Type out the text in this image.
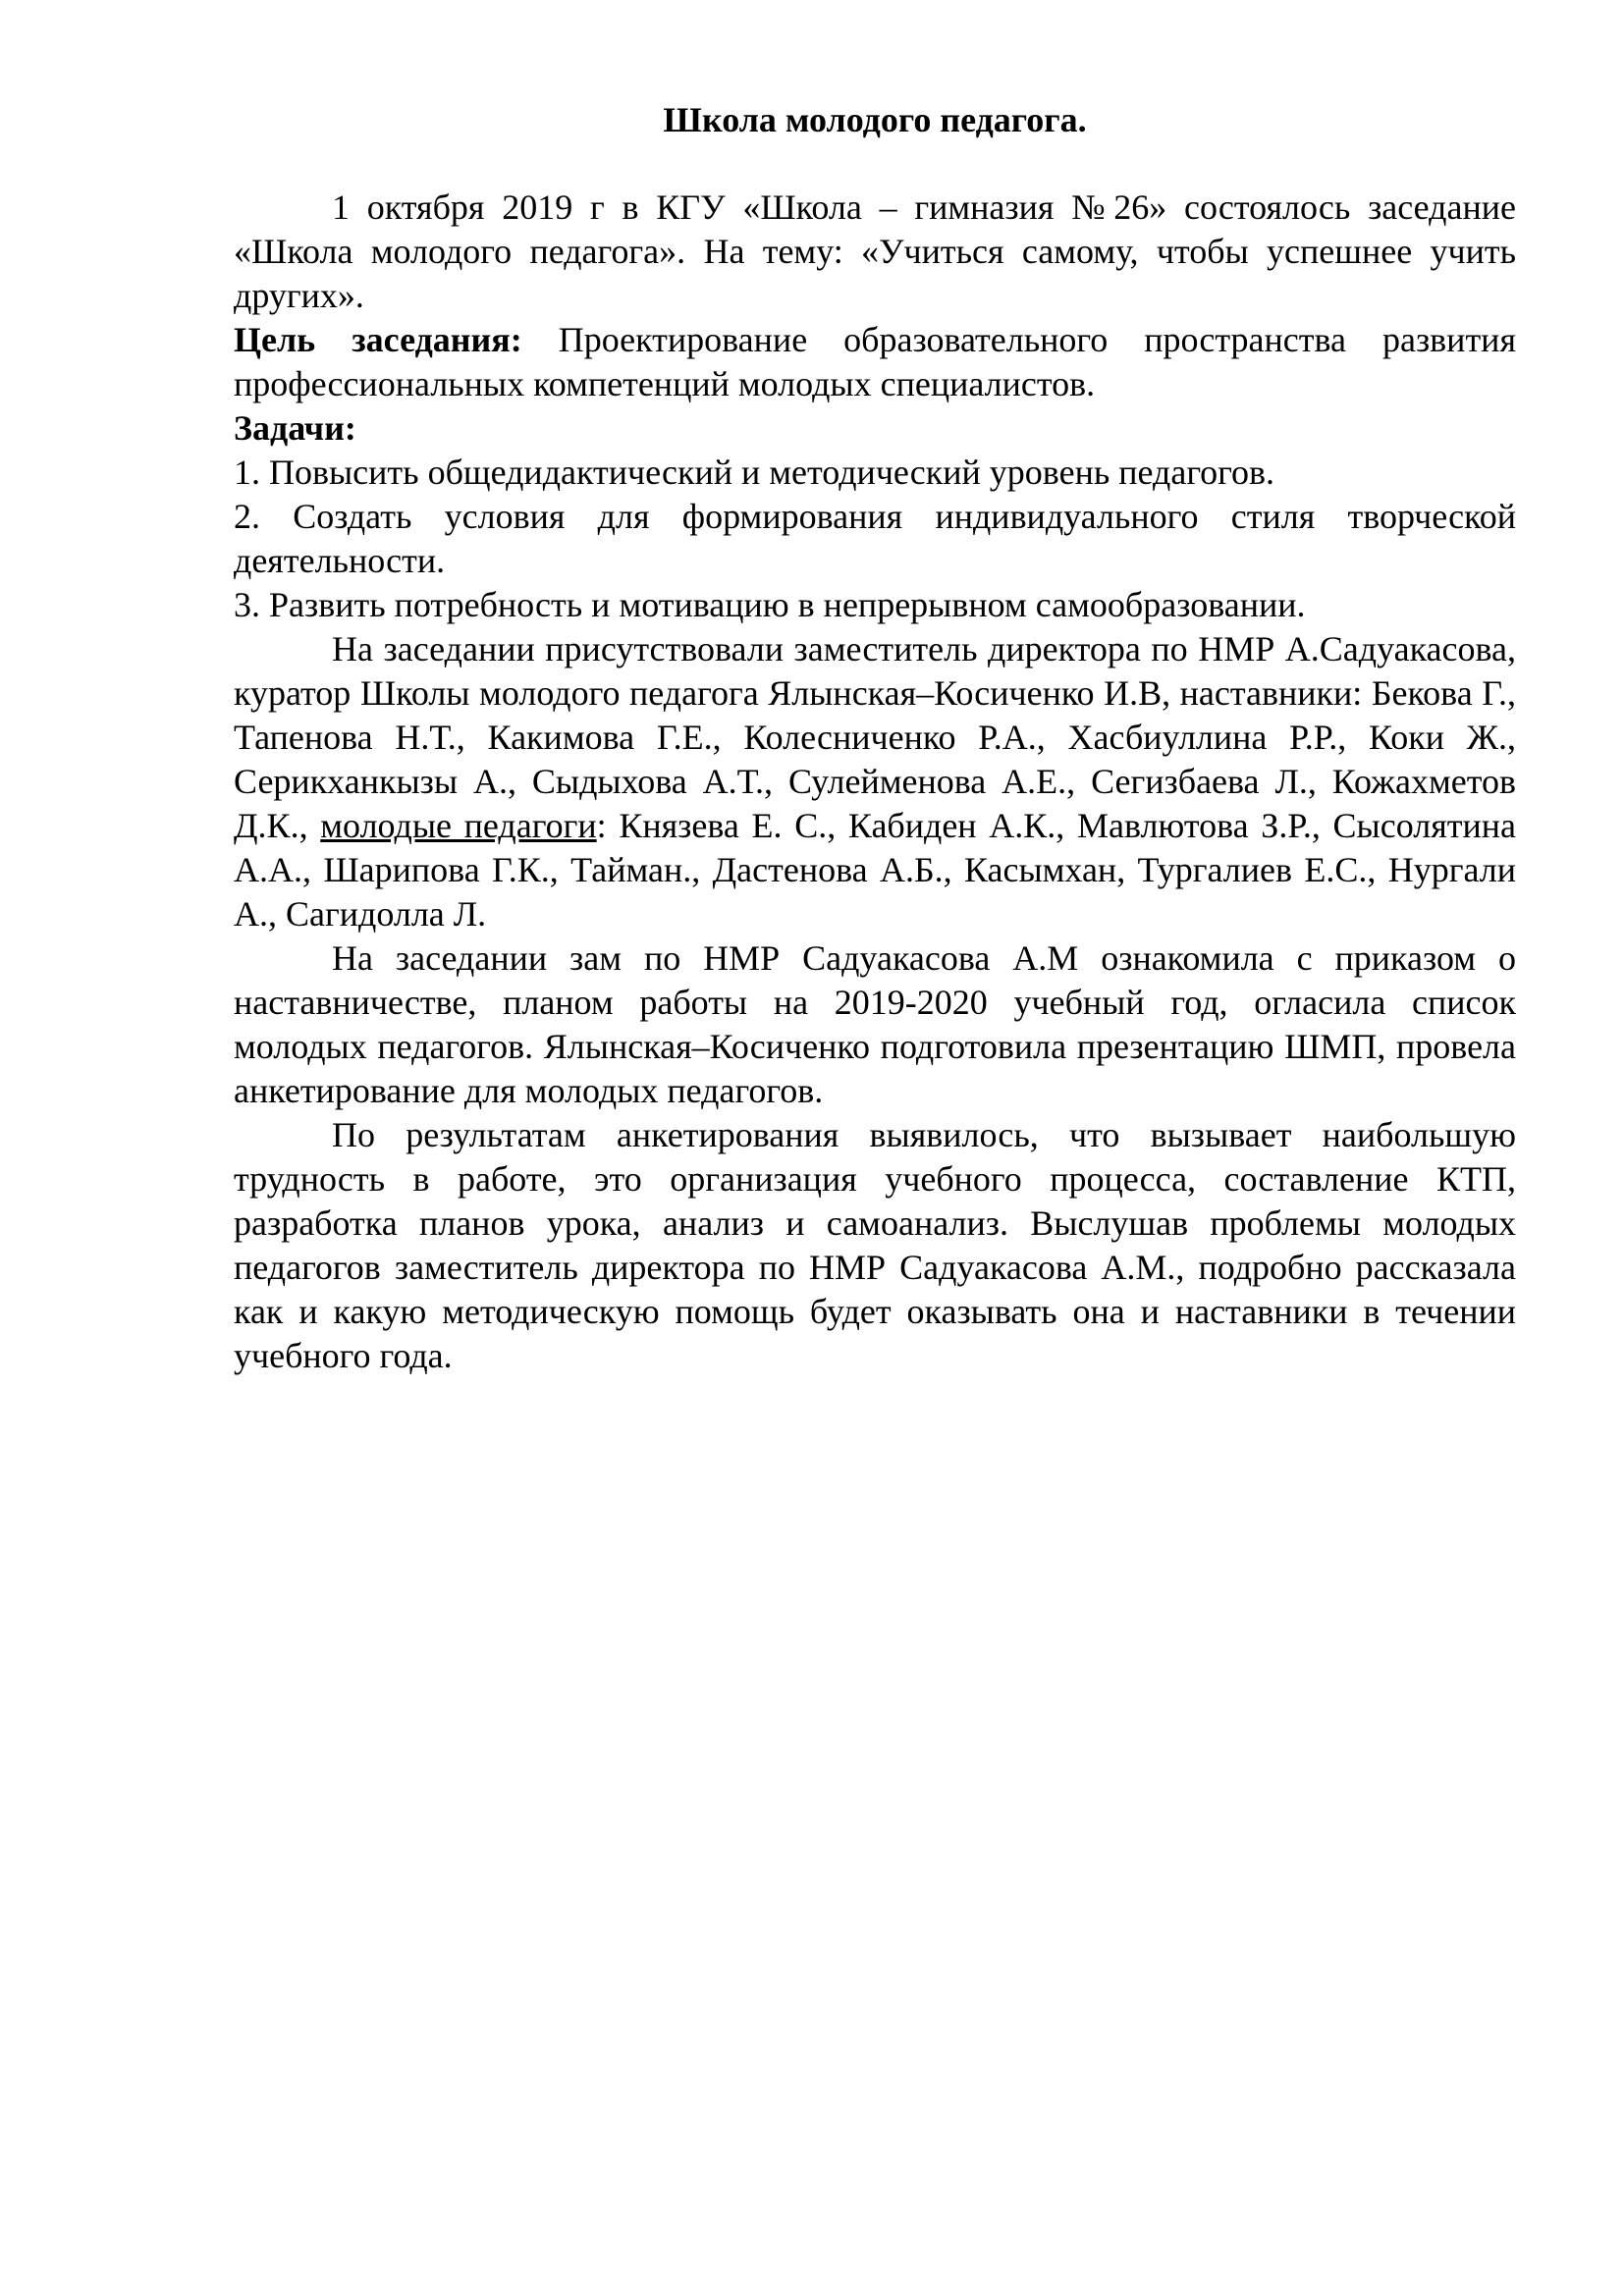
Школа молодого педагога.

1 октября 2019 г в КГУ «Школа – гимназия №26» состоялось заседание «Школа молодого педагога». На тему: «Учиться самому, чтобы успешнее учить других».

Цель заседания: Проектирование образовательного пространства развития профессиональных компетенций молодых специалистов.

Задачи:

1. Повысить общедидактический и методический уровень педагогов.

2. Создать условия для формирования индивидуального стиля творческой деятельности.

3. Развить потребность и мотивацию в непрерывном самообразовании.

На заседании присутствовали заместитель директора по НМР А.Садуакасова, куратор Школы молодого педагога Ялынская–Косиченко И.В, наставники: Бекова Г., Тапенова Н.Т., Какимова Г.Е., Колесниченко Р.А., Хасбиуллина Р.Р., Коки Ж., Серикханкызы А., Сыдыхова А.Т., Сулейменова А.Е., Сегизбаева Л., Кожахметов Д.К., молодые педагоги: Князева Е. С., Кабиден А.К., Мавлютова З.Р., Сысолятина А.А., Шарипова Г.К., Тайман., Дастенова А.Б., Касымхан, Тургалиев Е.С., Нургали А., Сагидолла Л.

На заседании зам по НМР Садуакасова А.М ознакомила с приказом о наставничестве, планом работы на 2019-2020 учебный год, огласила список молодых педагогов. Ялынская–Косиченко подготовила презентацию ШМП, провела анкетирование для молодых педагогов.

По результатам анкетирования выявилось, что вызывает наибольшую трудность в работе, это организация учебного процесса, составление КТП, разработка планов урока, анализ и самоанализ. Выслушав проблемы молодых педагогов заместитель директора по НМР Садуакасова А.М., подробно рассказала как и какую методическую помощь будет оказывать она и наставники в течении учебного года.
